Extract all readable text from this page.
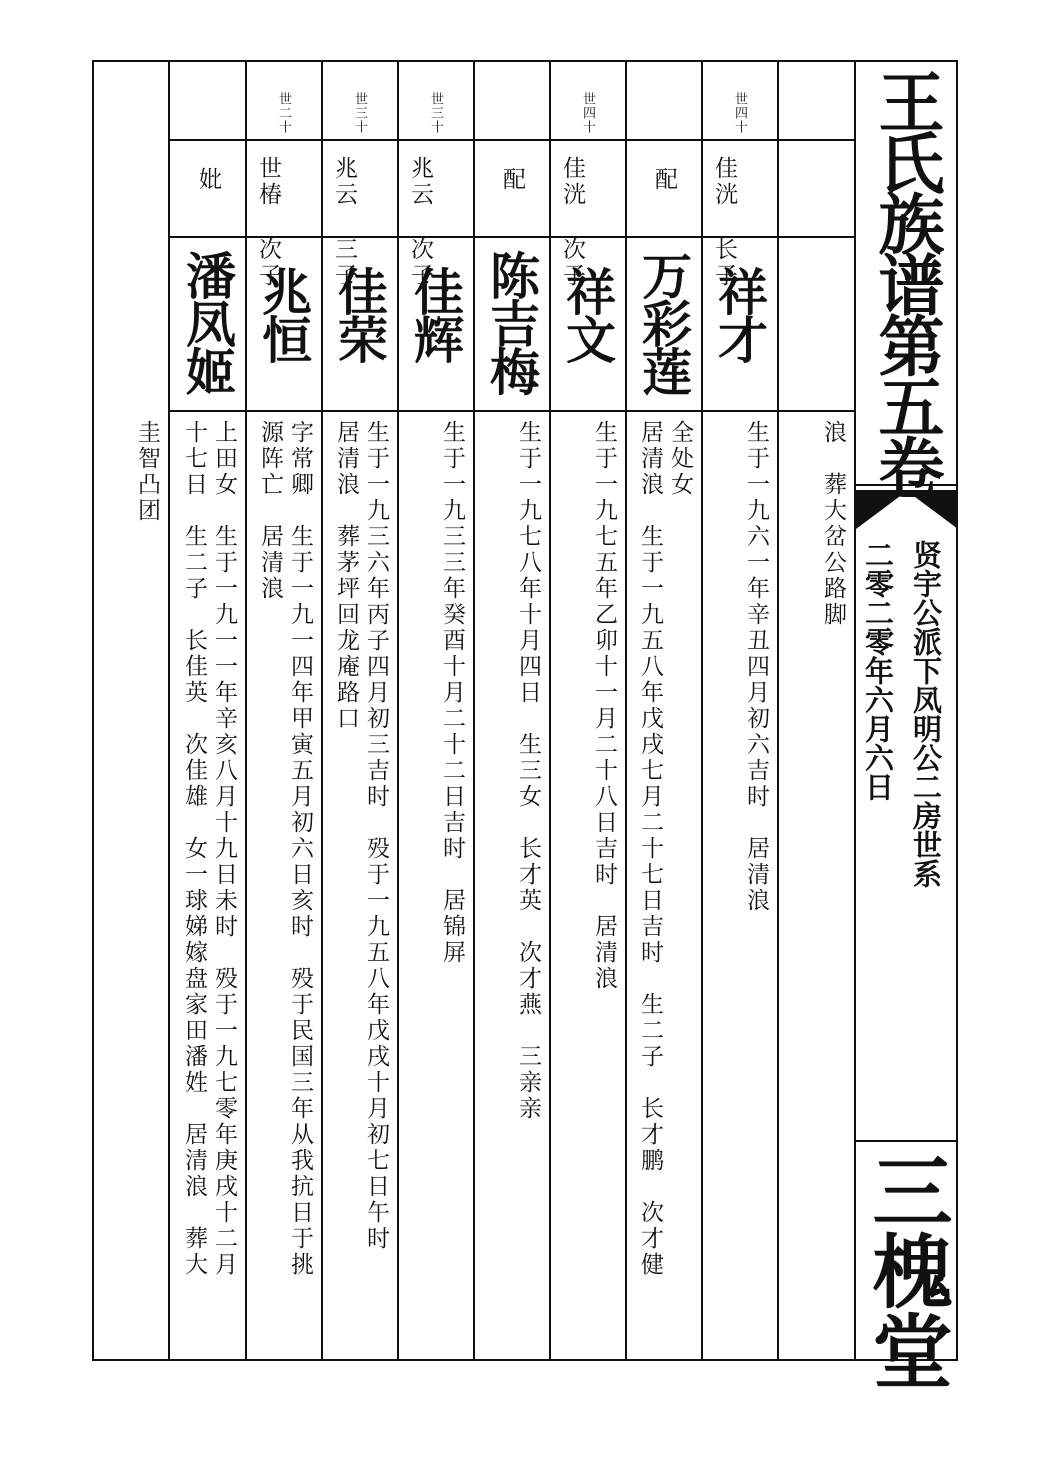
王氏族谱第五卷
贤宇公派下凤明公二房世系
二零二零年六月六日
三槐堂
浪　葬大岔公路脚
世四十
佳洸 长子
祥才
生于一九六一年辛丑四月初六吉时　居清浪
配
万彩莲
全处女
居清浪　生于一九五八年戊戌七月二十七日吉时　生二子　长才鹏　次才健
世四十
佳洸 次子
祥文
生于一九七五年乙卯十一月二十八日吉时　居清浪
配
陈吉梅
生于一九七八年十月四日　生三女　长才英　次才燕　三亲亲
世三十
兆云 次子
佳辉
生于一九三三年癸酉十月二十二日吉时　居锦屏
世三十
兆云 三子
佳荣
生于一九三六年丙子四月初三吉时　殁于一九五八年戊戌十月初七日午时
居清浪　葬茅坪回龙庵路口
世二十
世椿 次子
兆恒
字常卿　生于一九一四年甲寅五月初六日亥时　殁于民国三年从我抗日于挑
源阵亡　居清浪
妣
潘凤姬
上田女　生于一九一一年辛亥八月十九日未时　殁于一九七零年庚戌十二月
十七日　生二子　长佳英　次佳雄　女一球娣嫁盘家田潘姓　居清浪　葬大
圭智凸团
